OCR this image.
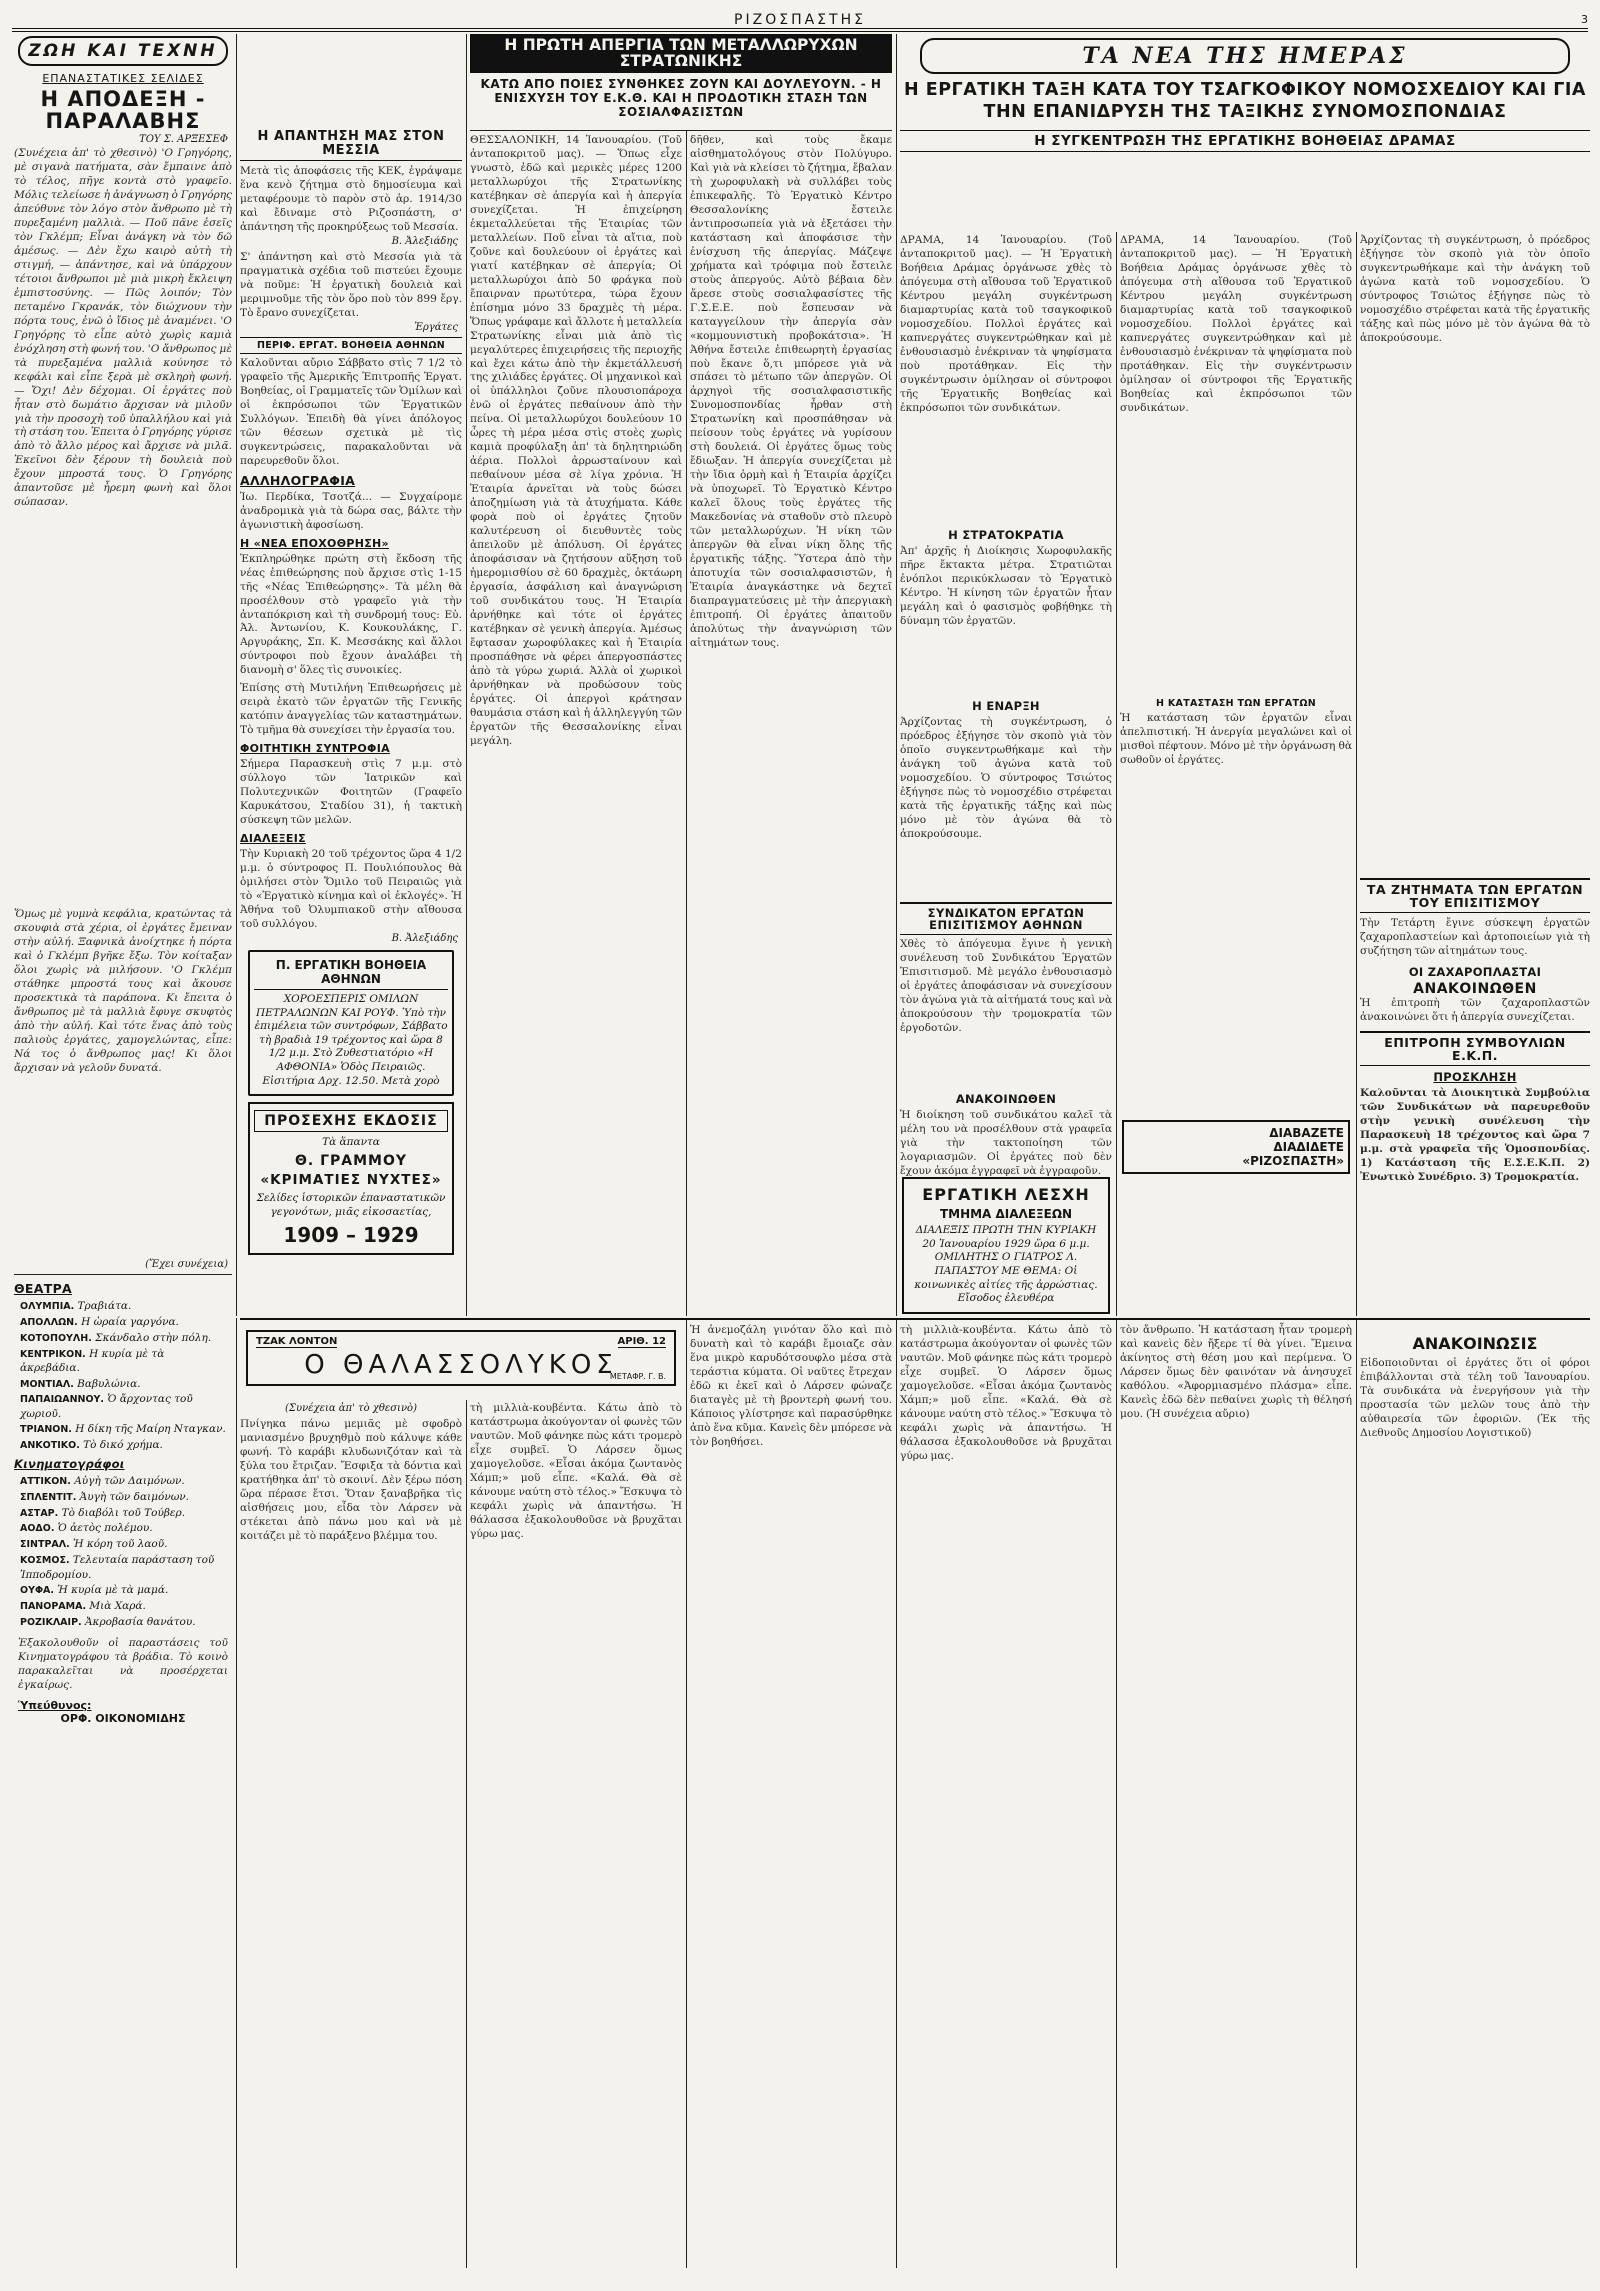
ΡΙΖΟΣΠΑΣΤΗΣ	3
ΖΩΗ ΚΑΙ ΤΕΧΝΗ
ΕΠΑΝΑΣΤΑΤΙΚΕΣ ΣΕΛΙΔΕΣ
Η ΑΠΟΔΕΞΗ - ΠΑΡΑΛΑΒΗΣ
ΤΟΥ Σ. ΑΡΞΕΣΕΦ
(Συνέχεια ἀπ' τὸ χθεσινὸ) 'Ο Γρηγόρης, μὲ σιγανὰ πατήματα, σὰν ἔμπαινε ἀπὸ τὸ τέλος, πῆγε κοντὰ στὸ γραφεῖο. Μόλις τελείωσε ἡ ἀνάγνωση ὁ Γρηγόρης ἀπεύθυνε τὸν λόγο στὸν ἄνθρωπο μὲ τὴ πυρεξαμένη μαλλιὰ. — Ποῦ πᾶνε ἐσεῖς τὸν Γκλέμπ; Εἶναι ἀνάγκη νὰ τὸν δῶ ἀμέσως. — Δὲν ἔχω καιρὸ αὐτὴ τὴ στιγμή, — ἀπάντησε, καὶ νὰ ὑπάρχουν τέτοιοι ἄνθρωποι μὲ μιὰ μικρὴ ἔκλειψη ἐμπιστοσύνης. — Πῶς λοιπόν; Τὸν πεταμένο Γκρανάκ, τὸν διώχνουν τὴν πόρτα τους, ἐνῶ ὁ ἴδιος μὲ ἀναμένει. 'Ο Γρηγόρης τὸ εἶπε αὐτὸ χωρὶς καμιὰ ἐνόχληση στὴ φωνή του. 'Ο ἄνθρωπος μὲ τὰ πυρεξαμένα μαλλιὰ κούνησε τὸ κεφάλι καὶ εἶπε ξερὰ μὲ σκληρὴ φωνή. — Ὄχι! Δὲν δέχομαι. Οἱ ἐργάτες ποὺ ἦταν στὸ δωμάτιο ἄρχισαν νὰ μιλοῦν γιὰ τὴν προσοχὴ τοῦ ὑπαλλήλου καὶ γιὰ τὴ στάση του. Ἐπειτα ὁ Γρηγόρης γύρισε ἀπὸ τὸ ἄλλο μέρος καὶ ἄρχισε νὰ μιλᾶ. Ἐκεῖνοι δὲν ξέρουν τὴ δουλειὰ ποὺ ἔχουν μπροστά τους. Ὁ Γρηγόρης ἀπαντοῦσε μὲ ἦρεμη φωνὴ καὶ ὅλοι σώπασαν.
Ὅμως μὲ γυμνὰ κεφάλια, κρατώντας τὰ σκουφιὰ στὰ χέρια, οἱ ἐργάτες ἔμειναν στὴν αὐλή. Ξαφνικὰ ἀνοίχτηκε ἡ πόρτα καὶ ὁ Γκλέμπ βγῆκε ἔξω. Τὸν κοίταξαν ὅλοι χωρὶς νὰ μιλήσουν. 'Ο Γκλέμπ στάθηκε μπροστά τους καὶ ἄκουσε προσεκτικὰ τὰ παράπονα. Κι ἔπειτα ὁ ἄνθρωπος μὲ τὰ μαλλιὰ ἔφυγε σκυφτὸς ἀπὸ τὴν αὐλή. Καὶ τότε ἕνας ἀπὸ τοὺς παλιοὺς ἐργάτες, χαμογελώντας, εἶπε: Νά τος ὁ ἄνθρωπος μας! Κι ὅλοι ἄρχισαν νὰ γελοῦν δυνατά.
(Ἔχει συνέχεια)
ΘΕΑΤΡΑ
ΟΛΥΜΠΙΑ. Τραβιάτα.
ΑΠΟΛΛΩΝ. Η ὡραία γαργόνα.
ΚΟΤΟΠΟΥΛΗ. Σκάνδαλο στὴν πόλη.
ΚΕΝΤΡΙΚΟΝ. Η κυρία μὲ τὰ ἀκρεβάδια.
ΜΟΝΤΙΑΛ. Βαβυλώνια.
ΠΑΠΑΙΩΑΝΝΟΥ. Ὁ ἄρχοντας τοῦ χωριοῦ.
ΤΡΙΑΝΟΝ. Η δίκη τῆς Μαίρη Νταγκαν.
ΑΝΚΟΤΙΚΟ. Τὸ δικό χρήμα.
Κινηματογράφοι
ΑΤΤΙΚΟΝ. Αὐγὴ τῶν Δαιμόνων.
ΣΠΛΕΝΤΙΤ. Ἀυγὴ τῶν δαιμόνων.
ΑΣΤΑΡ. Τὸ διαβόλι τοῦ Τούβερ.
ΑΟΔΟ. Ὁ ἀετὸς πολέμου.
ΣΙΝΤΡΑΛ. Ἡ κόρη τοῦ λαοῦ.
ΚΟΣΜΟΣ. Τελευταία παράσταση τοῦ Ἰπποδρομίου.
ΟΥΦΑ. Ἡ κυρία μὲ τὰ μαμά.
ΠΑΝΟΡΑΜΑ. Μιὰ Χαρά.
ΡΟΖΙΚΛΑΙΡ. Ἀκροβασία θανάτου.
Ἐξακολουθοῦν οἱ παραστάσεις τοῦ Κινηματογράφου τὰ βράδια. Τὸ κοινὸ παρακαλεῖται νὰ προσέρχεται ἐγκαίρως.
Ὑπεύθυνος:
ΟΡΦ. ΟΙΚΟΝΟΜΙΔΗΣ
Η ΑΠΑΝΤΗΣΗ ΜΑΣ ΣΤΟΝ ΜΕΣΣΙΑ
Μετὰ τὶς ἀποφάσεις τῆς ΚΕΚ, ἐγράψαμε ἕνα κενὸ ζήτημα στὸ δημοσίευμα καὶ μεταφέρουμε τὸ παρὸν στὸ ἀρ. 1914/30 καὶ ἔδιναμε στὸ Ριζοσπάστη, σ' ἀπάντηση τῆς προκηρύξεως τοῦ Μεσσία.
Β. Ἀλεξιάδης
Σ' ἀπάντηση καὶ στὸ Μεσσία γιὰ τὰ πραγματικὰ σχέδια τοῦ πιστεύει ἔχουμε νὰ ποῦμε: Ἡ ἐργατικὴ δουλειὰ καὶ μεριμνοῦμε τῆς τὸν ὅρο ποὺ τὸν 899 ἔργ. Τὸ ἔρανο συνεχίζεται.
Ἐργάτες
ΠΕΡΙΦ. ΕΡΓΑΤ. ΒΟΗΘΕΙΑ ΑΘΗΝΩΝ
Καλοῦνται αὔριο Σάββατο στὶς 7 1/2 τὸ γραφεῖο τῆς Ἀμερικῆς Ἐπιτροπῆς Ἐργατ. Βοηθείας, οἱ Γραμματεῖς τῶν Ὁμίλων καὶ οἱ ἐκπρόσωποι τῶν Ἐργατικῶν Συλλόγων. Ἐπειδὴ θὰ γίνει ἀπόλογος τῶν θέσεων σχετικὰ μὲ τὶς συγκεντρώσεις, παρακαλοῦνται νὰ παρευρεθοῦν ὅλοι.
ΑΛΛΗΛΟΓΡΑΦΙΑ
Ἰω. Περδίκα, Τσοτζά... — Συγχαίρομε ἀναδρομικὰ γιὰ τὰ δώρα σας, βάλτε τὴν ἀγωνιστικὴ ἀφοσίωση.
Η «ΝΕΑ ΕΠΟΧΟΘΡΗΣΗ»
Ἐκπληρώθηκε πρώτη στὴ ἔκδοση τῆς νέας ἐπιθεώρησης ποὺ ἄρχισε στὶς 1-15 τῆς «Νέας Ἐπιθεώρησης». Τὰ μέλη θὰ προσέλθουν στὸ γραφεῖο γιὰ τὴν ἀνταπόκριση καὶ τὴ συνδρομή τους: Εὐ. Ἀλ. Ἀντωνίου, Κ. Κουκουλάκης, Γ. Αργυράκης, Σπ. Κ. Μεσσάκης καὶ ἄλλοι σύντροφοι ποὺ ἔχουν ἀναλάβει τὴ διανομὴ σ' ὅλες τὶς συνοικίες.
Ἐπίσης στὴ Μυτιλήνη Ἐπιθεωρήσεις μὲ σειρὰ ἑκατὸ τῶν ἐργατῶν τῆς Γενικῆς κατόπιν ἀναγγελίας τῶν καταστημάτων. Τὸ τμῆμα θὰ συνεχίσει τὴν ἐργασία του.
ΦΟΙΤΗΤΙΚΗ ΣΥΝΤΡΟΦΙΑ
Σήμερα Παρασκευὴ στὶς 7 μ.μ. στὸ σύλλογο τῶν Ἰατρικῶν καὶ Πολυτεχνικῶν Φοιτητῶν (Γραφεῖο Καρυκάτσου, Σταδίου 31), ἡ τακτικὴ σύσκεψη τῶν μελῶν.
ΔΙΑΛΕΞΕΙΣ
Τὴν Κυριακὴ 20 τοῦ τρέχοντος ὥρα 4 1/2 μ.μ. ὁ σύντροφος Π. Πουλιόπουλος θὰ ὁμιλήσει στὸν Ὅμιλο τοῦ Πειραιῶς γιὰ τὸ «Ἐργατικὸ κίνημα καὶ οἱ ἐκλογές». Ἡ Ἀθήνα τοῦ Ὀλυμπιακοῦ στὴν αἴθουσα τοῦ συλλόγου.
Β. Ἀλεξιάδης
Π. ΕΡΓΑΤΙΚΗ ΒΟΗΘΕΙΑ ΑΘΗΝΩΝ
ΧΟΡΟΕΣΠΕΡΙΣ ΟΜΙΛΩΝ ΠΕΤΡΑΛΩΝΩΝ ΚΑΙ ΡΟΥΦ. Ὑπὸ τὴν ἐπιμέλεια τῶν συντρόφων, Σάββατο τὴ βραδιὰ 19 τρέχοντος καὶ ὥρα 8 1/2 μ.μ. Στὸ Ζυθεστιατόριο «Η ΑΦΘΟΝΙΑ» Ὁδὸς Πειραιῶς. Εἰσιτήρια Δρχ. 12.50. Μετὰ χορὸ
ΠΡΟΣΕΧΗΣ ΕΚΔΟΣΙΣ
Τὰ ἅπαντα
Θ. ΓΡΑΜΜΟΥ
«ΚΡΙΜΑΤΙΕΣ ΝΥΧΤΕΣ»
Σελίδες ἱστορικῶν ἐπαναστατικῶν γεγονότων, μιᾶς εἰκοσαετίας,
1909 – 1929
Η ΠΡΩΤΗ ΑΠΕΡΓΙΑ ΤΩΝ ΜΕΤΑΛΛΩΡΥΧΩΝ ΣΤΡΑΤΩΝΙΚΗΣ
ΚΑΤΩ ΑΠΟ ΠΟΙΕΣ ΣΥΝΘΗΚΕΣ ΖΟΥΝ ΚΑΙ ΔΟΥΛΕΥΟΥΝ. - Η ΕΝΙΣΧΥΣΗ ΤΟΥ Ε.Κ.Θ. ΚΑΙ Η ΠΡΟΔΟΤΙΚΗ ΣΤΑΣΗ ΤΩΝ ΣΟΣΙΑΛΦΑΣΙΣΤΩΝ
ΘΕΣΣΑΛΟΝΙΚΗ, 14 Ἰανουαρίου. (Τοῦ ἀνταποκριτοῦ μας). — Ὅπως εἶχε γνωστὸ, ἐδῶ καὶ μερικὲς μέρες 1200 μεταλλωρύχοι τῆς Στρατωνίκης κατέβηκαν σὲ ἀπεργία καὶ ἡ ἀπεργία συνεχίζεται. Ἡ ἐπιχείρηση ἐκμεταλλεύεται τῆς Ἑταιρίας τῶν μεταλλείων. Ποῦ εἶναι τὰ αἴτια, ποὺ ζοῦνε καὶ δουλεύουν οἱ ἐργάτες καὶ γιατί κατέβηκαν σὲ ἀπεργία; Οἱ μεταλλωρύχοι ἀπὸ 50 φράγκα ποὺ ἔπαιρναν πρωτύτερα, τώρα ἔχουν ἐπίσημα μόνο 33 δραχμὲς τὴ μέρα. Ὅπως γράφαμε καὶ ἄλλοτε ἡ μεταλλεία Στρατωνίκης εἶναι μιὰ ἀπὸ τὶς μεγαλύτερες ἐπιχειρήσεις τῆς περιοχῆς καὶ ἔχει κάτω ἀπὸ τὴν ἐκμετάλλευσή της χιλιάδες ἐργάτες. Οἱ μηχανικοὶ καὶ οἱ ὑπάλληλοι ζοῦνε πλουσιοπάροχα ἐνῶ οἱ ἐργάτες πεθαίνουν ἀπὸ τὴν πείνα. Οἱ μεταλλωρύχοι δουλεύουν 10 ὧρες τὴ μέρα μέσα στὶς στοὲς χωρὶς καμιὰ προφύλαξη ἀπ' τὰ δηλητηριώδη ἀέρια. Πολλοὶ ἀρρωσταίνουν καὶ πεθαίνουν μέσα σὲ λίγα χρόνια. Ἡ Ἑταιρία ἀρνεῖται νὰ τοὺς δώσει ἀποζημίωση γιὰ τὰ ἀτυχήματα. Κάθε φορὰ ποὺ οἱ ἐργάτες ζητοῦν καλυτέρευση οἱ διευθυντὲς τοὺς ἀπειλοῦν μὲ ἀπόλυση. Οἱ ἐργάτες ἀποφάσισαν νὰ ζητήσουν αὔξηση τοῦ ἡμερομισθίου σὲ 60 δραχμὲς, ὀκτάωρη ἐργασία, ἀσφάλιση καὶ ἀναγνώριση τοῦ συνδικάτου τους. Ἡ Ἑταιρία ἀρνήθηκε καὶ τότε οἱ ἐργάτες κατέβηκαν σὲ γενικὴ ἀπεργία. Ἀμέσως ἔφτασαν χωροφύλακες καὶ ἡ Ἑταιρία προσπάθησε νὰ φέρει ἀπεργοσπάστες ἀπὸ τὰ γύρω χωριά. Ἀλλὰ οἱ χωρικοὶ ἀρνήθηκαν νὰ προδώσουν τοὺς ἐργάτες. Οἱ ἀπεργοὶ κράτησαν θαυμάσια στάση καὶ ἡ ἀλληλεγγύη τῶν ἐργατῶν τῆς Θεσσαλονίκης εἶναι μεγάλη.
δῆθεν, καὶ τοὺς ἔκαμε αἰσθηματολόγους στὸν Πολύγυρο. Καὶ γιὰ νὰ κλείσει τὸ ζήτημα, ἔβαλαν τὴ χωροφυλακὴ νὰ συλλάβει τοὺς ἐπικεφαλῆς. Τὸ Ἐργατικὸ Κέντρο Θεσσαλονίκης ἔστειλε ἀντιπροσωπεία γιὰ νὰ ἐξετάσει τὴν κατάσταση καὶ ἀποφάσισε τὴν ἐνίσχυση τῆς ἀπεργίας. Μάζεψε χρήματα καὶ τρόφιμα ποὺ ἔστειλε στοὺς ἀπεργούς. Αὐτὸ βέβαια δὲν ἄρεσε στοὺς σοσιαλφασίστες τῆς Γ.Σ.Ε.Ε. ποὺ ἔσπευσαν νὰ καταγγείλουν τὴν ἀπεργία σὰν «κομμουνιστικὴ προβοκάτσια». Ἡ Ἀθήνα ἔστειλε ἐπιθεωρητὴ ἐργασίας ποὺ ἔκανε ὅ,τι μπόρεσε γιὰ νὰ σπάσει τὸ μέτωπο τῶν ἀπεργῶν. Οἱ ἀρχηγοὶ τῆς σοσιαλφασιστικῆς Συνομοσπονδίας ἦρθαν στὴ Στρατωνίκη καὶ προσπάθησαν νὰ πείσουν τοὺς ἐργάτες νὰ γυρίσουν στὴ δουλειά. Οἱ ἐργάτες ὅμως τοὺς ἔδιωξαν. Ἡ ἀπεργία συνεχίζεται μὲ τὴν ἴδια ὁρμὴ καὶ ἡ Ἑταιρία ἀρχίζει νὰ ὑποχωρεῖ. Τὸ Ἐργατικὸ Κέντρο καλεῖ ὅλους τοὺς ἐργάτες τῆς Μακεδονίας νὰ σταθοῦν στὸ πλευρὸ τῶν μεταλλωρύχων. Ἡ νίκη τῶν ἀπεργῶν θὰ εἶναι νίκη ὅλης τῆς ἐργατικῆς τάξης. Ὕστερα ἀπὸ τὴν ἀποτυχία τῶν σοσιαλφασιστῶν, ἡ Ἑταιρία ἀναγκάστηκε νὰ δεχτεῖ διαπραγματεύσεις μὲ τὴν ἀπεργιακὴ ἐπιτροπή. Οἱ ἐργάτες ἀπαιτοῦν ἀπολύτως τὴν ἀναγνώριση τῶν αἰτημάτων τους.
ΤΑ ΝΕΑ ΤΗΣ ΗΜΕΡΑΣ
Η ΕΡΓΑΤΙΚΗ ΤΑΞΗ ΚΑΤΑ ΤΟΥ ΤΣΑΓΚΟΦΙΚΟΥ ΝΟΜΟΣΧΕΔΙΟΥ ΚΑΙ ΓΙΑ ΤΗΝ ΕΠΑΝΙΔΡΥΣΗ ΤΗΣ ΤΑΞΙΚΗΣ ΣΥΝΟΜΟΣΠΟΝΔΙΑΣ
Η ΣΥΓΚΕΝΤΡΩΣΗ ΤΗΣ ΕΡΓΑΤΙΚΗΣ ΒΟΗΘΕΙΑΣ ΔΡΑΜΑΣ
ΔΡΑΜΑ, 14 Ἰανουαρίου. (Τοῦ ἀνταποκριτοῦ μας). — Ἡ Ἐργατικὴ Βοήθεια Δράμας ὀργάνωσε χθὲς τὸ ἀπόγευμα στὴ αἴθουσα τοῦ Ἐργατικοῦ Κέντρου μεγάλη συγκέντρωση διαμαρτυρίας κατὰ τοῦ τσαγκοφικοῦ νομοσχεδίου. Πολλοὶ ἐργάτες καὶ καπνεργάτες συγκεντρώθηκαν καὶ μὲ ἐνθουσιασμὸ ἐνέκριναν τὰ ψηφίσματα ποὺ προτάθηκαν. Εἰς τὴν συγκέντρωσιν ὁμίλησαν οἱ σύντροφοι τῆς Ἐργατικῆς Βοηθείας καὶ ἐκπρόσωποι τῶν συνδικάτων.
Η ΣΤΡΑΤΟΚΡΑΤΙΑ
Ἀπ' ἀρχῆς ἡ Διοίκησις Χωροφυλακῆς πῆρε ἔκτακτα μέτρα. Στρατιῶται ἐνόπλοι περικύκλωσαν τὸ Ἐργατικὸ Κέντρο. Ἡ κίνηση τῶν ἐργατῶν ἦταν μεγάλη καὶ ὁ φασισμὸς φοβήθηκε τὴ δύναμη τῶν ἐργατῶν.
Η ΕΝΑΡΞΗ
Ἀρχίζοντας τὴ συγκέντρωση, ὁ πρόεδρος ἐξήγησε τὸν σκοπὸ γιὰ τὸν ὁποῖο συγκεντρωθήκαμε καὶ τὴν ἀνάγκη τοῦ ἀγώνα κατὰ τοῦ νομοσχεδίου. Ὁ σύντροφος Τσιώτος ἐξήγησε πὼς τὸ νομοσχέδιο στρέφεται κατὰ τῆς ἐργατικῆς τάξης καὶ πὼς μόνο μὲ τὸν ἀγώνα θὰ τὸ ἀποκρούσουμε.
ΣΥΝΔΙΚΑΤΟΝ ΕΡΓΑΤΩΝ ΕΠΙΣΙΤΙΣΜΟΥ ΑΘΗΝΩΝ
Χθὲς τὸ ἀπόγευμα ἔγινε ἡ γενικὴ συνέλευση τοῦ Συνδικάτου Ἐργατῶν Ἐπισιτισμοῦ. Μὲ μεγάλο ἐνθουσιασμὸ οἱ ἐργάτες ἀποφάσισαν νὰ συνεχίσουν τὸν ἀγώνα γιὰ τὰ αἰτήματά τους καὶ νὰ ἀποκρούσουν τὴν τρομοκρατία τῶν ἐργοδοτῶν.
ΑΝΑΚΟΙΝΩΘΕΝ
Ἡ διοίκηση τοῦ συνδικάτου καλεῖ τὰ μέλη του νὰ προσέλθουν στὰ γραφεῖα γιὰ τὴν τακτοποίηση τῶν λογαριασμῶν. Οἱ ἐργάτες ποὺ δὲν ἔχουν ἀκόμα ἐγγραφεῖ νὰ ἐγγραφοῦν.
ΕΡΓΑΤΙΚΗ ΛΕΣΧΗ
ΤΜΗΜΑ ΔΙΑΛΕΞΕΩΝ
ΔΙΑΛΕΞΙΣ ΠΡΩΤΗ ΤΗΝ ΚΥΡΙΑΚΗ 20 Ἰανουαρίου 1929 ὥρα 6 μ.μ. ΟΜΙΛΗΤΗΣ Ο ΓΙΑΤΡΟΣ Λ. ΠΑΠΑΣΤΟΥ ΜΕ ΘΕΜΑ: Οἱ κοινωνικὲς αἰτίες τῆς ἀρρώστιας. Εἴσοδος ἐλευθέρα
ΔΡΑΜΑ, 14 Ἰανουαρίου. (Τοῦ ἀνταποκριτοῦ μας). — Ἡ Ἐργατικὴ Βοήθεια Δράμας ὀργάνωσε χθὲς τὸ ἀπόγευμα στὴ αἴθουσα τοῦ Ἐργατικοῦ Κέντρου μεγάλη συγκέντρωση διαμαρτυρίας κατὰ τοῦ τσαγκοφικοῦ νομοσχεδίου. Πολλοὶ ἐργάτες καὶ καπνεργάτες συγκεντρώθηκαν καὶ μὲ ἐνθουσιασμὸ ἐνέκριναν τὰ ψηφίσματα ποὺ προτάθηκαν. Εἰς τὴν συγκέντρωσιν ὁμίλησαν οἱ σύντροφοι τῆς Ἐργατικῆς Βοηθείας καὶ ἐκπρόσωποι τῶν συνδικάτων.
Η ΚΑΤΑΣΤΑΣΗ ΤΩΝ ΕΡΓΑΤΩΝ
Ἡ κατάσταση τῶν ἐργατῶν εἶναι ἀπελπιστική. Ἡ ἀνεργία μεγαλώνει καὶ οἱ μισθοὶ πέφτουν. Μόνο μὲ τὴν ὀργάνωση θὰ σωθοῦν οἱ ἐργάτες.
ΔΙΑΒΑΖΕΤΕ
ΔΙΑΔΙΔΕΤΕ
«ΡΙΖΟΣΠΑΣΤΗ»
Ἀρχίζοντας τὴ συγκέντρωση, ὁ πρόεδρος ἐξήγησε τὸν σκοπὸ γιὰ τὸν ὁποῖο συγκεντρωθήκαμε καὶ τὴν ἀνάγκη τοῦ ἀγώνα κατὰ τοῦ νομοσχεδίου. Ὁ σύντροφος Τσιώτος ἐξήγησε πὼς τὸ νομοσχέδιο στρέφεται κατὰ τῆς ἐργατικῆς τάξης καὶ πὼς μόνο μὲ τὸν ἀγώνα θὰ τὸ ἀποκρούσουμε.
ΤΑ ΖΗΤΗΜΑΤΑ ΤΩΝ ΕΡΓΑΤΩΝ ΤΟΥ ΕΠΙΣΙΤΙΣΜΟΥ
Τὴν Τετάρτη ἔγινε σύσκεψη ἐργατῶν ζαχαροπλαστείων καὶ ἀρτοποιείων γιὰ τὴ συζήτηση τῶν αἰτημάτων τους.
ΟΙ ΖΑΧΑΡΟΠΛΑΣΤΑΙ
ΑΝΑΚΟΙΝΩΘΕΝ
Ἡ ἐπιτροπὴ τῶν ζαχαροπλαστῶν ἀνακοινώνει ὅτι ἡ ἀπεργία συνεχίζεται.
ΕΠΙΤΡΟΠΗ ΣΥΜΒΟΥΛΙΩΝ Ε.Κ.Π.
ΠΡΟΣΚΛΗΣΗ
Καλοῦνται τὰ Διοικητικὰ Συμβούλια τῶν Συνδικάτων νὰ παρευρεθοῦν στὴν γενικὴ συνέλευση τὴν Παρασκευὴ 18 τρέχοντος καὶ ὥρα 7 μ.μ. στὰ γραφεῖα τῆς Ὁμοσπονδίας. 1) Κατάσταση τῆς Ε.Σ.Ε.Κ.Π. 2) Ἐνωτικὸ Συνέδριο. 3) Τρομοκρατία.
ΤΖΑΚ ΛΟΝΤΟΝ	ΑΡΙΘ. 12
Ο ΘΑΛΑΣΣΟΛΥΚΟΣ
ΜΕΤΑΦΡ. Γ. Β.
(Συνέχεια ἀπ' τὸ χθεσινὸ)
Πνίγηκα πάνω μεμιᾶς μὲ σφοδρὸ μανιασμένο βρυχηθμὸ ποὺ κάλυψε κάθε φωνή. Τὸ καράβι κλυδωνιζόταν καὶ τὰ ξύλα του ἔτριζαν. Ἔσφιξα τὰ δόντια καὶ κρατήθηκα ἀπ' τὸ σκοινί. Δὲν ξέρω πόση ὥρα πέρασε ἔτσι. Ὅταν ξαναβρῆκα τὶς αἰσθήσεις μου, εἶδα τὸν Λάρσεν νὰ στέκεται ἀπὸ πάνω μου καὶ νὰ μὲ κοιτάζει μὲ τὸ παράξενο βλέμμα του.
τὴ μιλλιὰ-κουβέντα. Κάτω ἀπὸ τὸ κατάστρωμα ἀκούγονταν οἱ φωνὲς τῶν ναυτῶν. Μοῦ φάνηκε πὼς κάτι τρομερὸ εἶχε συμβεῖ. Ὁ Λάρσεν ὅμως χαμογελοῦσε. «Εἶσαι ἀκόμα ζωντανὸς Χάμπ;» μοῦ εἶπε. «Καλά. Θὰ σὲ κάνουμε ναύτη στὸ τέλος.» Ἔσκυψα τὸ κεφάλι χωρὶς νὰ ἀπαντήσω. Ἡ θάλασσα ἐξακολουθοῦσε νὰ βρυχᾶται γύρω μας.
Ἡ ἀνεμοζάλη γινόταν ὅλο καὶ πιὸ δυνατὴ καὶ τὸ καράβι ἔμοιαζε σὰν ἕνα μικρὸ καρυδότσουφλο μέσα στὰ τεράστια κύματα. Οἱ ναῦτες ἔτρεχαν ἐδῶ κι ἐκεῖ καὶ ὁ Λάρσεν φώναζε διαταγὲς μὲ τὴ βροντερὴ φωνή του. Κάποιος γλίστρησε καὶ παρασύρθηκε ἀπὸ ἕνα κῦμα. Κανεὶς δὲν μπόρεσε νὰ τὸν βοηθήσει.
τὴ μιλλιὰ-κουβέντα. Κάτω ἀπὸ τὸ κατάστρωμα ἀκούγονταν οἱ φωνὲς τῶν ναυτῶν. Μοῦ φάνηκε πὼς κάτι τρομερὸ εἶχε συμβεῖ. Ὁ Λάρσεν ὅμως χαμογελοῦσε. «Εἶσαι ἀκόμα ζωντανὸς Χάμπ;» μοῦ εἶπε. «Καλά. Θὰ σὲ κάνουμε ναύτη στὸ τέλος.» Ἔσκυψα τὸ κεφάλι χωρὶς νὰ ἀπαντήσω. Ἡ θάλασσα ἐξακολουθοῦσε νὰ βρυχᾶται γύρω μας.
τὸν ἄνθρωπο. Ἡ κατάσταση ἦταν τρομερὴ καὶ κανεὶς δὲν ἤξερε τί θὰ γίνει. Ἔμεινα ἀκίνητος στὴ θέση μου καὶ περίμενα. Ὁ Λάρσεν ὅμως δὲν φαινόταν νὰ ἀνησυχεῖ καθόλου. «Ἀφορμιασμένο πλάσμα» εἶπε. Κανεὶς ἐδῶ δὲν πεθαίνει χωρὶς τὴ θέλησή μου. (Ἡ συνέχεια αὔριο)
ΑΝΑΚΟΙΝΩΣΙΣ
Εἰδοποιοῦνται οἱ ἐργάτες ὅτι οἱ φόροι ἐπιβάλλονται στὰ τέλη τοῦ Ἰανουαρίου. Τὰ συνδικάτα νὰ ἐνεργήσουν γιὰ τὴν προστασία τῶν μελῶν τους ἀπὸ τὴν αὐθαιρεσία τῶν ἐφοριῶν. (Ἐκ τῆς Διεθνοῦς Δημοσίου Λογιστικοῦ)
